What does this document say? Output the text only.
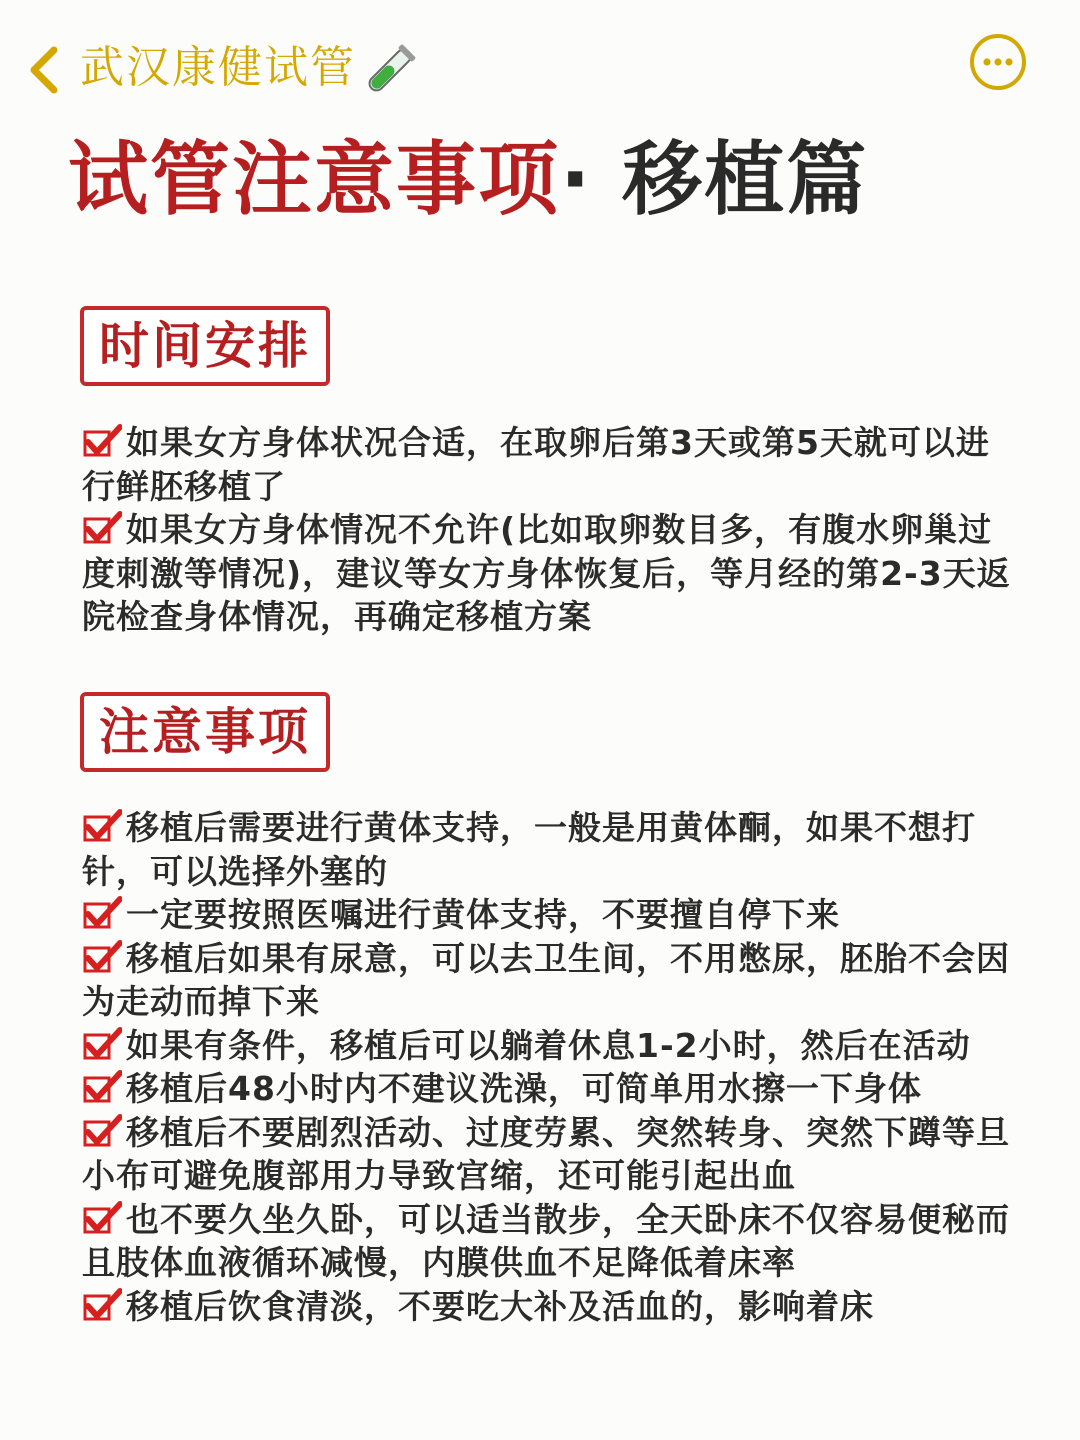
武汉康健试管
试管注意事项· 移植篇
时间安排
如果女方身体状况合适，在取卵后第3天或第5天就可以进行鲜胚移植了
如果女方身体情况不允许(比如取卵数目多，有腹水卵巢过度刺激等情况)，建议等女方身体恢复后，等月经的第2-3天返院检查身体情况，再确定移植方案
注意事项
移植后需要进行黄体支持，一般是用黄体酮，如果不想打针，可以选择外塞的
一定要按照医嘱进行黄体支持，不要擅自停下来
移植后如果有尿意，可以去卫生间，不用憋尿，胚胎不会因为走动而掉下来
如果有条件，移植后可以躺着休息1-2小时，然后在活动
移植后48小时内不建议洗澡，可简单用水擦一下身体
移植后不要剧烈活动、过度劳累、突然转身、突然下蹲等旦小布可避免腹部用力导致宫缩，还可能引起出血
也不要久坐久卧，可以适当散步，全天卧床不仅容易便秘而且肢体血液循环减慢，内膜供血不足降低着床率
移植后饮食清淡，不要吃大补及活血的，影响着床
